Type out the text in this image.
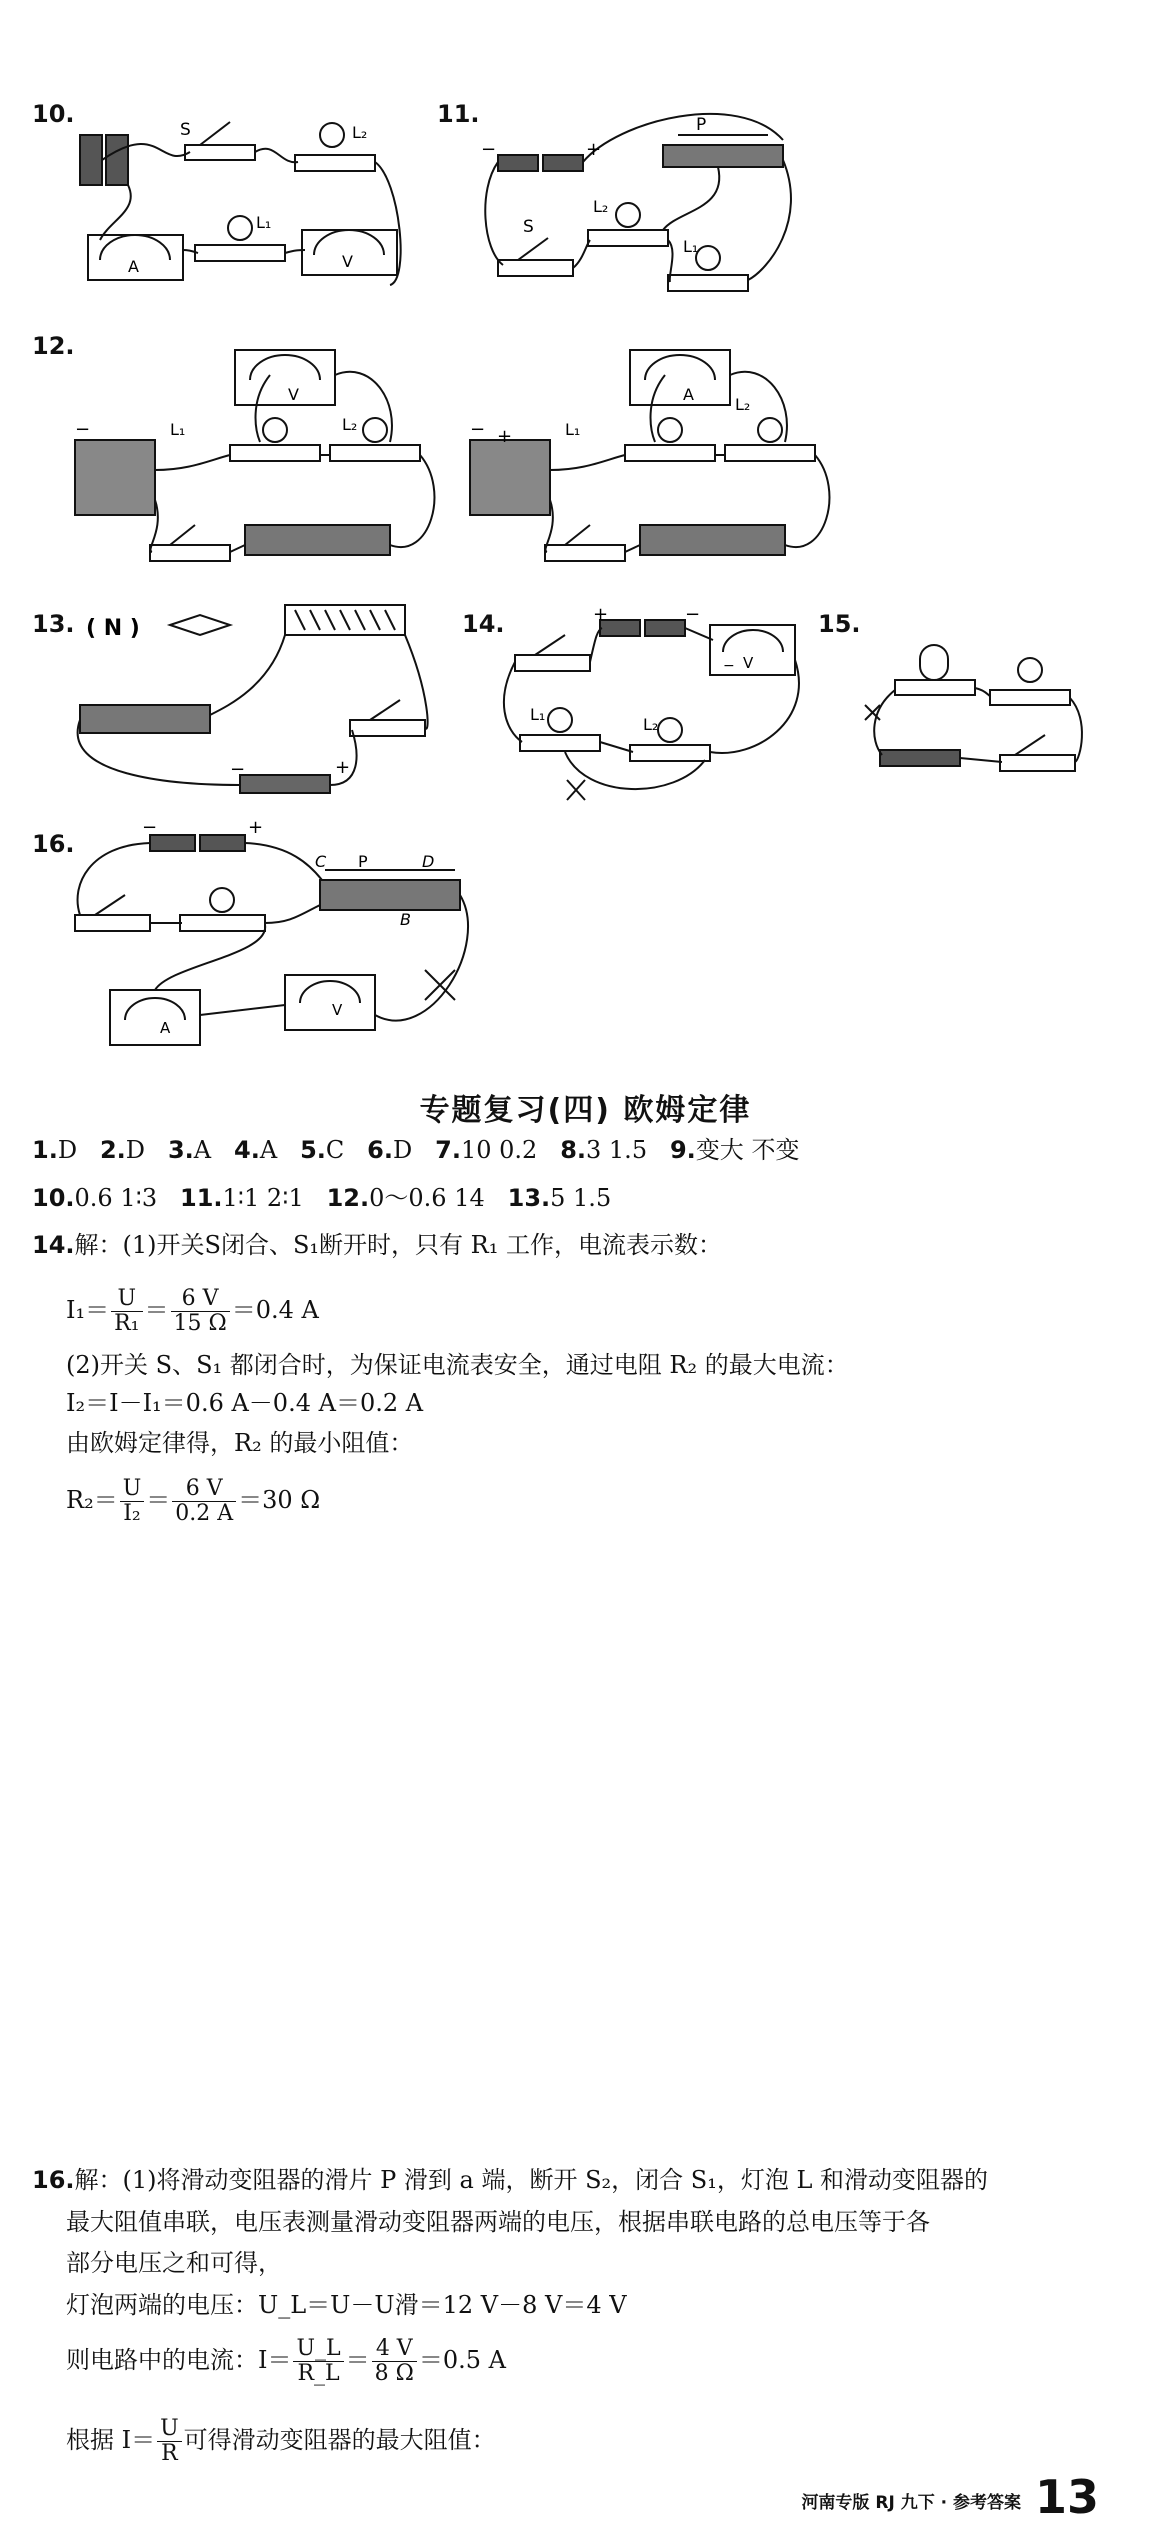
10.	11.
12.
13.	14.	15.
16.
S	L₂
L₁
A	V
−	+
P
S
L₂
L₁
−	L₁
V
L₂	− +	L₁
A
L₂
( N )
−	+
+	−
− V
L₁
L₂
−	+
C P	D
B
A
V
专题复习(四) 欧姆定律
1.D 2.D 3.A 4.A 5.C 6.D 7.10 0.2 8.3 1.5 9.变大 不变
10.0.6 1∶3 11.1∶1 2∶1 12.0～0.6 14 13.5 1.5
14.解：(1)开关S闭合、S₁断开时，只有 R₁ 工作，电流表示数：
$I_1= \frac{U}{\text{R₁}} = \frac{6 V}{15 \Omega} =0.4$ A
(2)开关 S、S₁ 都闭合时，为保证电流表安全，通过电阻 R₂ 的最大电流：
I₂＝I－I₁＝0.6 A－0.4 A＝0.2 A
由欧姆定律得，R₂ 的最小阻值：
$R_2= \frac{U}{\text{I₂}} = \frac{6 V}{0.2 A} =30$ Ω
16.解：(1)将滑动变阻器的滑片 P 滑到 a 端，断开 S₂，闭合 S₁，灯泡 L 和滑动变阻器的
最大阻值串联，电压表测量滑动变阻器两端的电压，根据串联电路的总电压等于各
部分电压之和可得，
灯泡两端的电压：U_L＝U－U滑＝12 V－8 V＝4 V
则电路中的电流：$I= \frac{U\_L}{R\_L} = \frac{4 V}{8 \Omega} =0.5$ A
根据 $I= \frac{U}{R}$ 可得滑动变阻器的最大阻值：
河南专版 RJ 九下 · 参考答案 13
